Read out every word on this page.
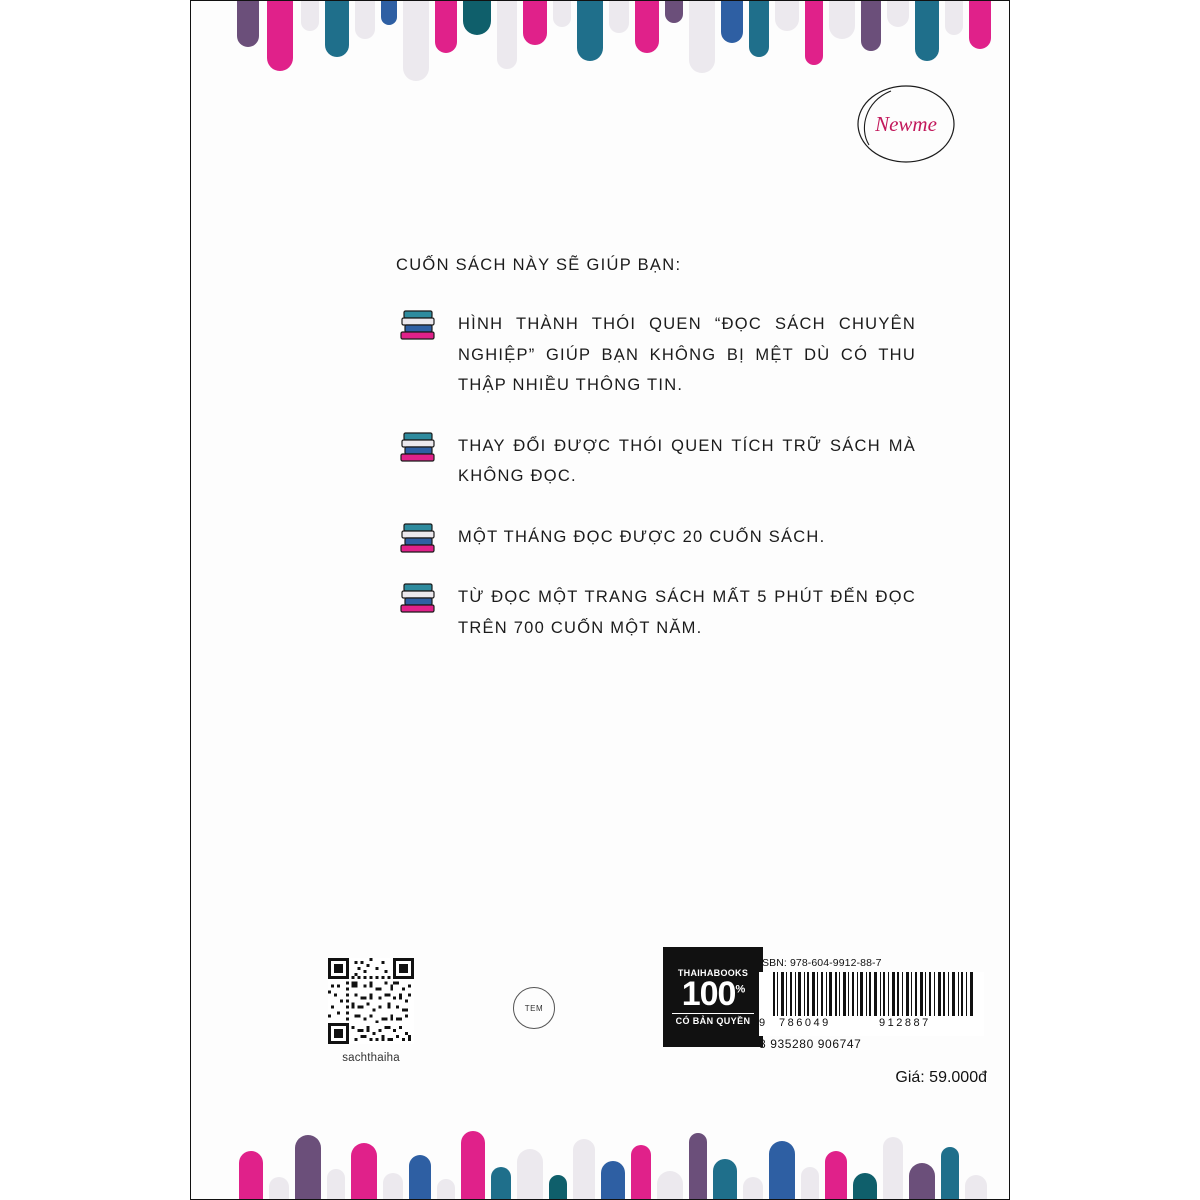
Newme

CUỐN SÁCH NÀY SẼ GIÚP BẠN:

HÌNH THÀNH THÓI QUEN “ĐỌC SÁCH CHUYÊN NGHIỆP” GIÚP BẠN KHÔNG BỊ MỆT DÙ CÓ THU THẬP NHIỀU THÔNG TIN.
THAY ĐỔI ĐƯỢC THÓI QUEN TÍCH TRỮ SÁCH MÀ KHÔNG ĐỌC.
MỘT THÁNG ĐỌC ĐƯỢC 20 CUỐN SÁCH.
TỪ ĐỌC MỘT TRANG SÁCH MẤT 5 PHÚT ĐẾN ĐỌC TRÊN 700 CUỐN MỘT NĂM.
sachthaiha
TEM
THAIHABOOKS
100%
CÓ BẢN QUYỀN
ISBN: 978-604-9912-88-7
9 786049	912887
8 935280 906747
Giá: 59.000đ
